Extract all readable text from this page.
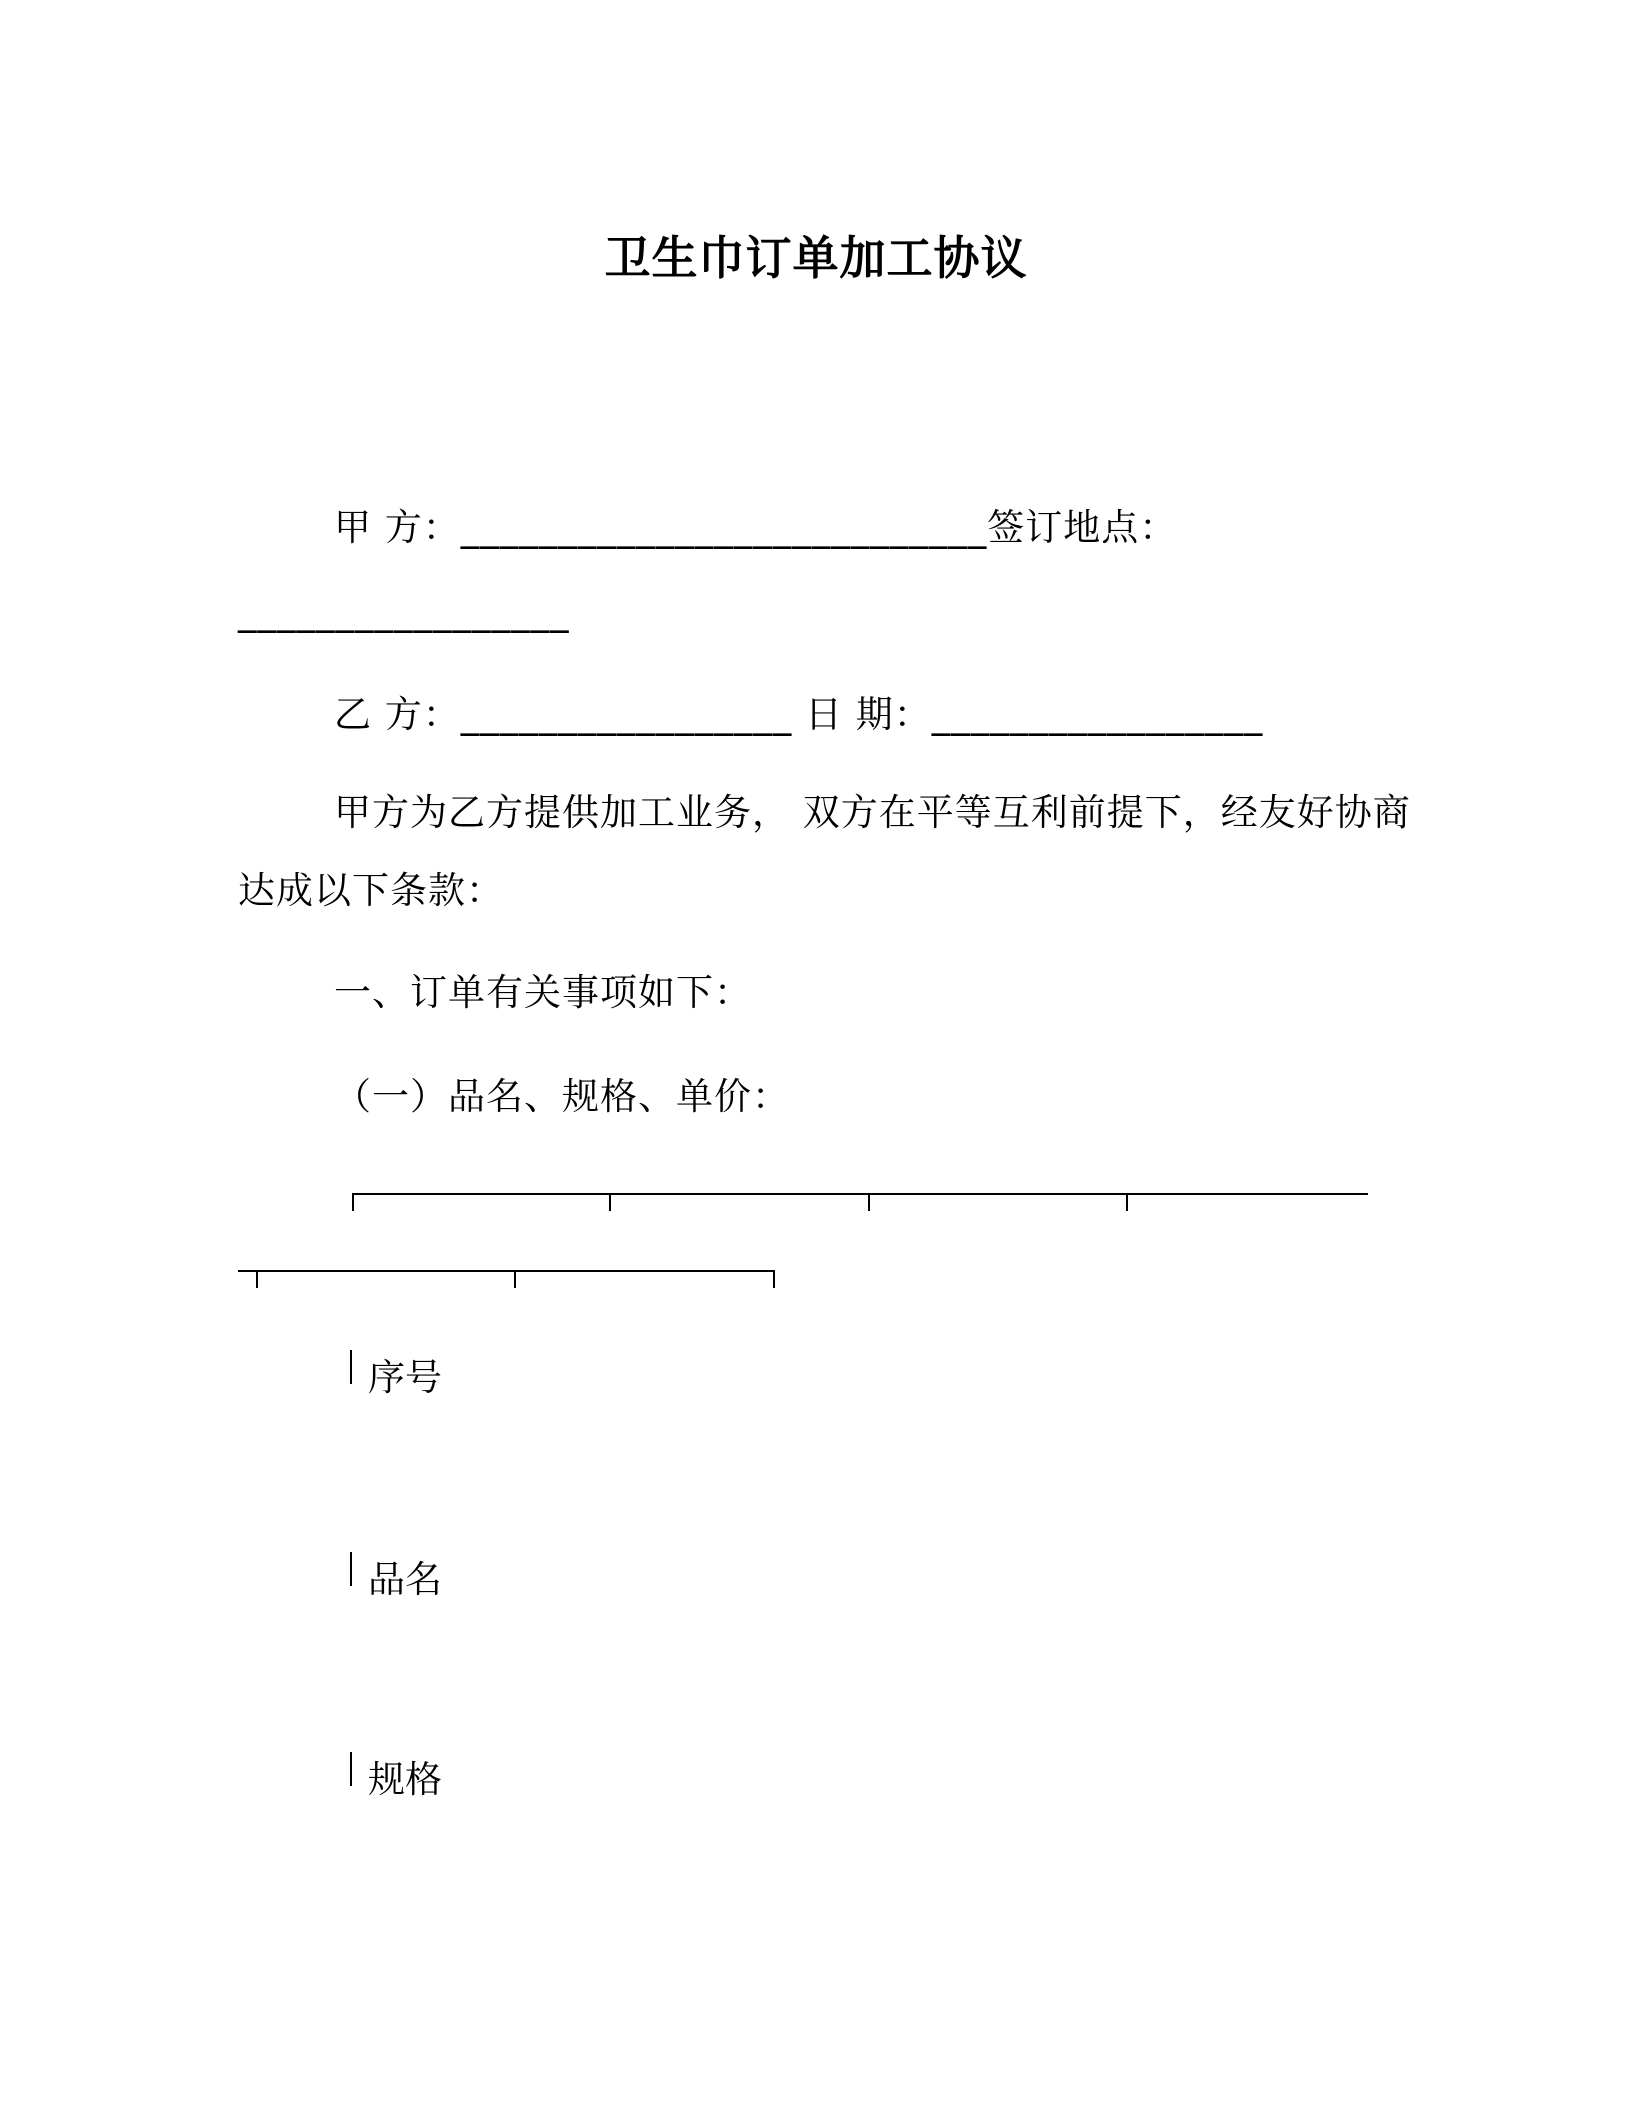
卫生巾订单加工协议
甲 方：___________________________签订地点：
_________________
乙 方：_________________ 日 期：_________________
甲方为乙方提供加工业务， 双方在平等互利前提下，经友好协商
达成以下条款：
一、订单有关事项如下：
（一）品名、规格、单价：
序号
品名
规格
